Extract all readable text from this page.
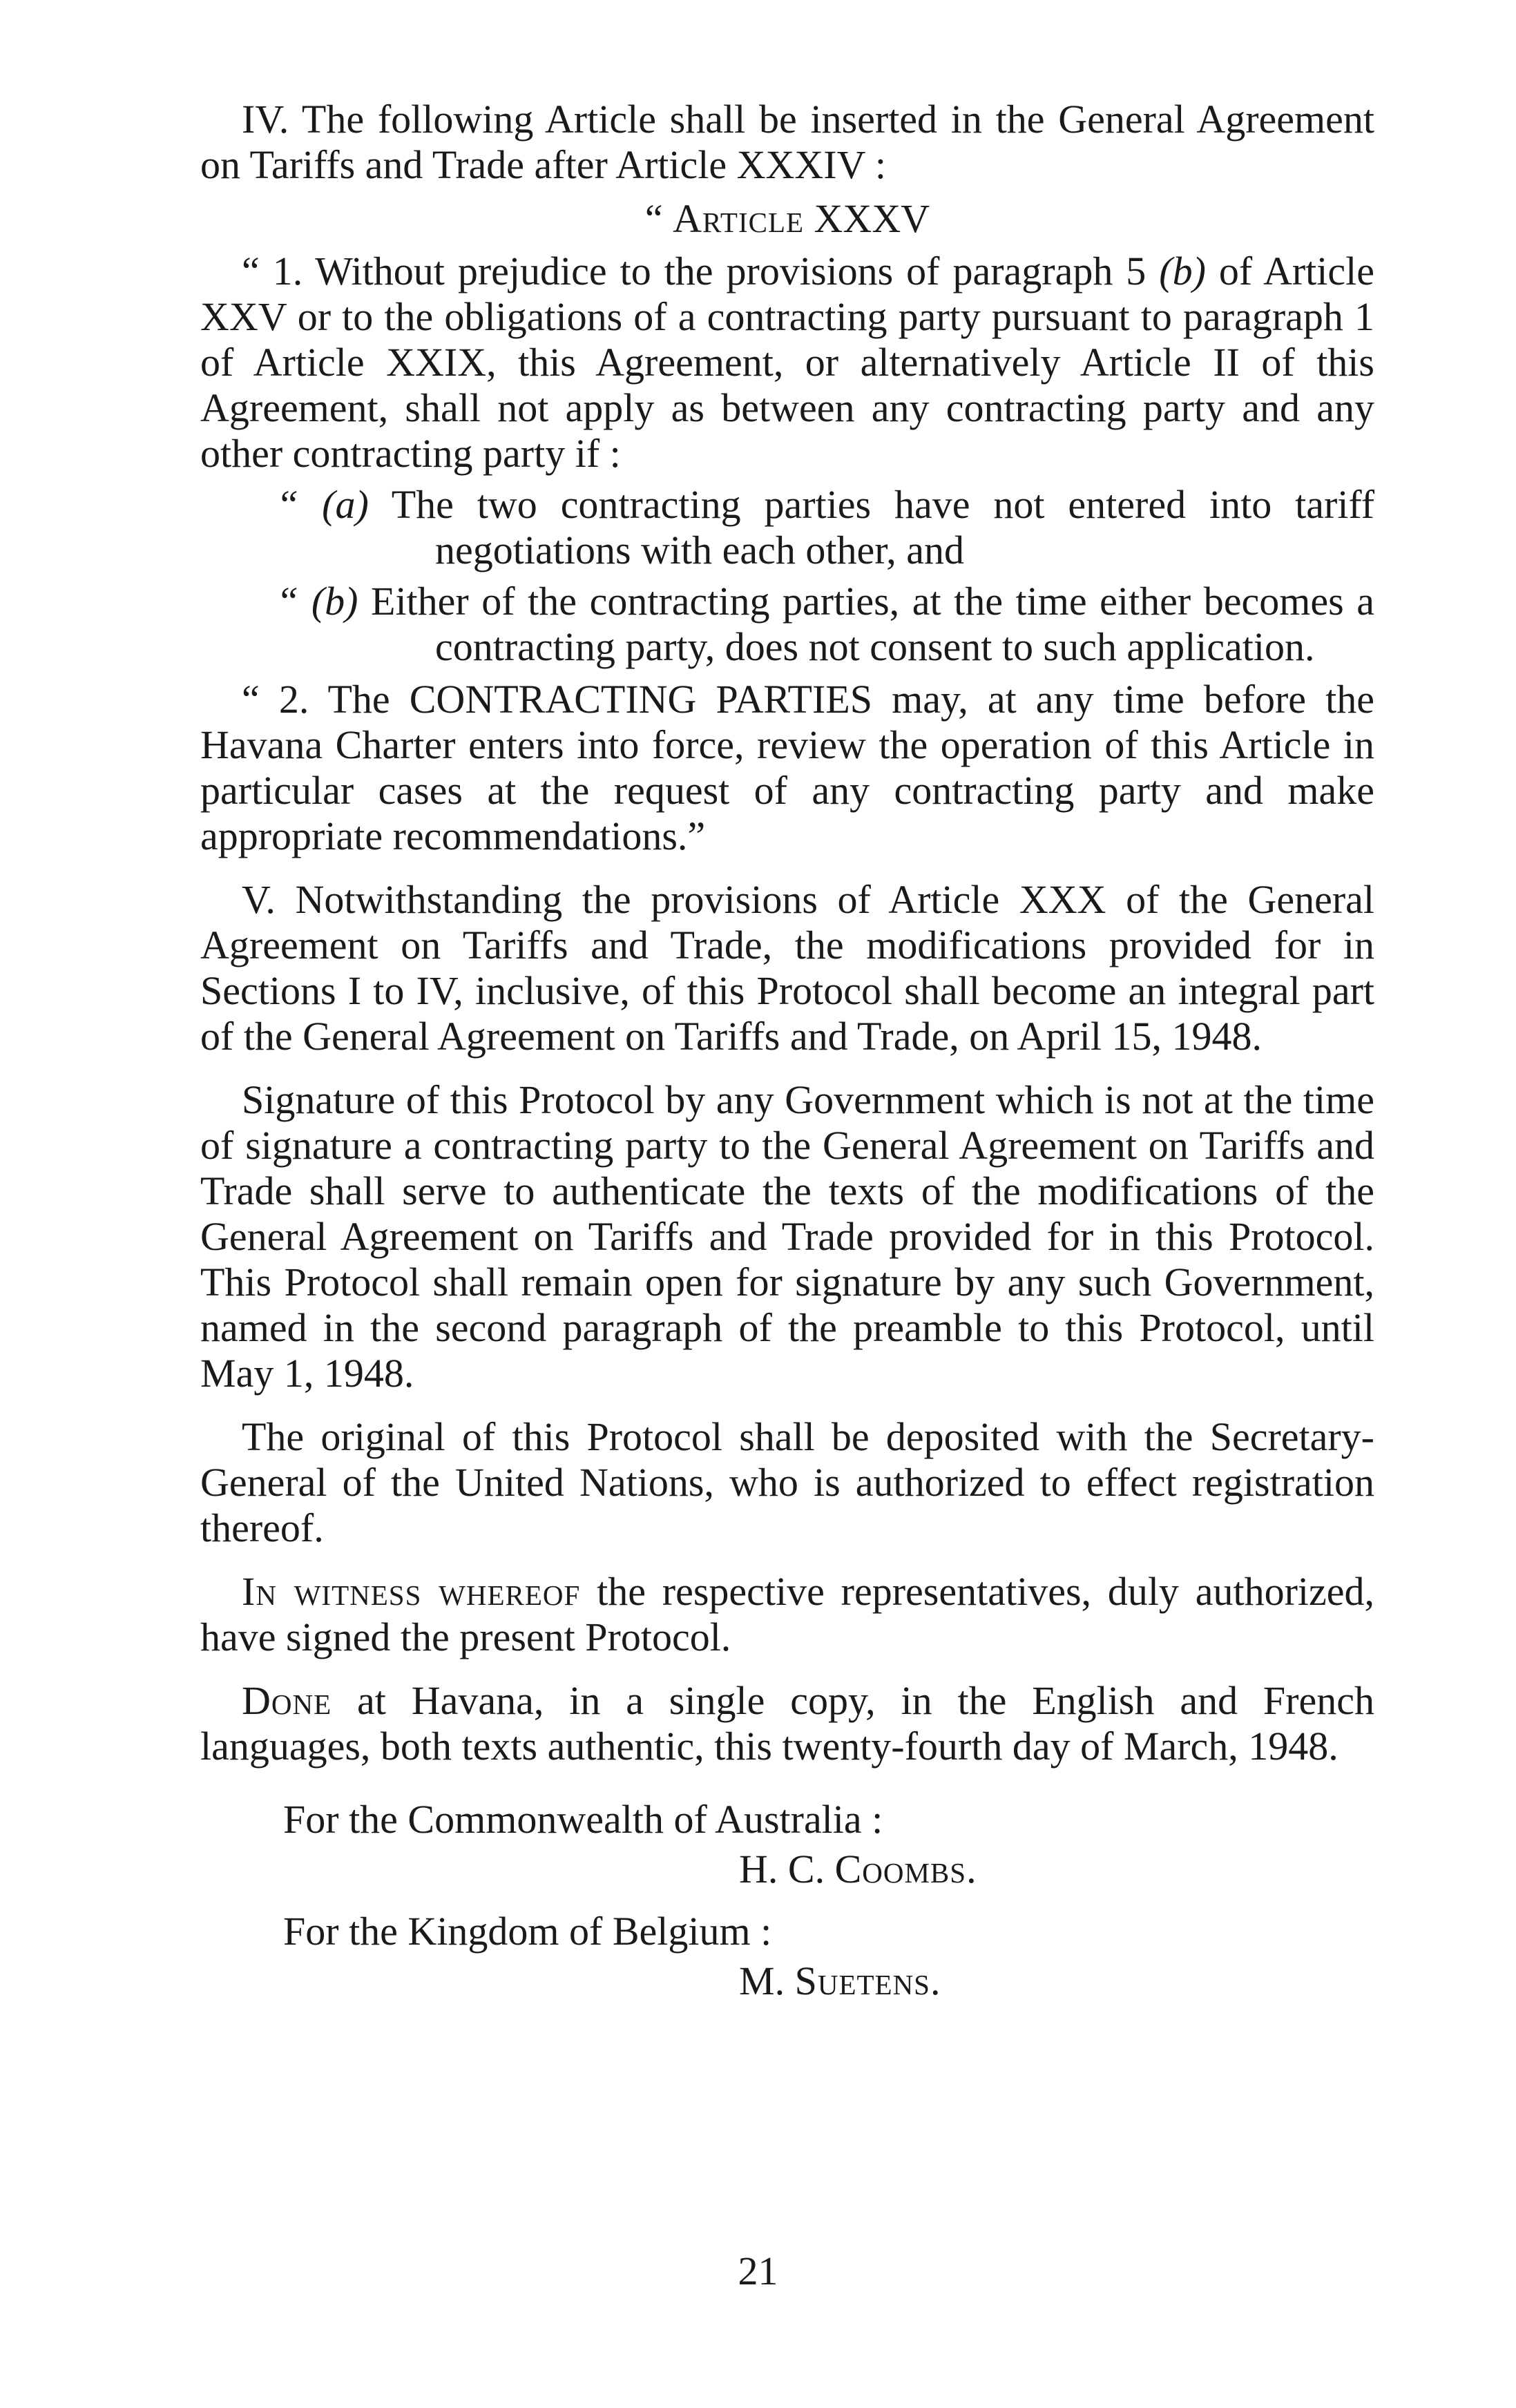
IV. The following Article shall be inserted in the General Agreement on Tariffs and Trade after Article XXXIV :

“ Article XXXV

“ 1. Without prejudice to the provisions of paragraph 5 (b) of Article XXV or to the obligations of a contracting party pursuant to paragraph 1 of Article XXIX, this Agreement, or alternatively Article II of this Agreement, shall not apply as between any contracting party and any other contracting party if :

“ (a) The two contracting parties have not entered into tariff negotiations with each other, and

“ (b) Either of the contracting parties, at the time either becomes a contracting party, does not consent to such application.

“ 2. The CONTRACTING PARTIES may, at any time before the Havana Charter enters into force, review the operation of this Article in particular cases at the request of any contracting party and make appropriate recommendations.”

V. Notwithstanding the provisions of Article XXX of the General Agreement on Tariffs and Trade, the modifications provided for in Sections I to IV, inclusive, of this Protocol shall become an integral part of the General Agreement on Tariffs and Trade, on April 15, 1948.

Signature of this Protocol by any Government which is not at the time of signature a contracting party to the General Agreement on Tariffs and Trade shall serve to authenticate the texts of the modifications of the General Agreement on Tariffs and Trade provided for in this Protocol. This Protocol shall remain open for signature by any such Government, named in the second paragraph of the preamble to this Protocol, until May 1, 1948.

The original of this Protocol shall be deposited with the Secretary-General of the United Nations, who is authorized to effect registration thereof.

In witness whereof the respective representatives, duly authorized, have signed the present Protocol.

Done at Havana, in a single copy, in the English and French languages, both texts authentic, this twenty-fourth day of March, 1948.

For the Commonwealth of Australia :

H. C. Coombs.

For the Kingdom of Belgium :

M. Suetens.

21
